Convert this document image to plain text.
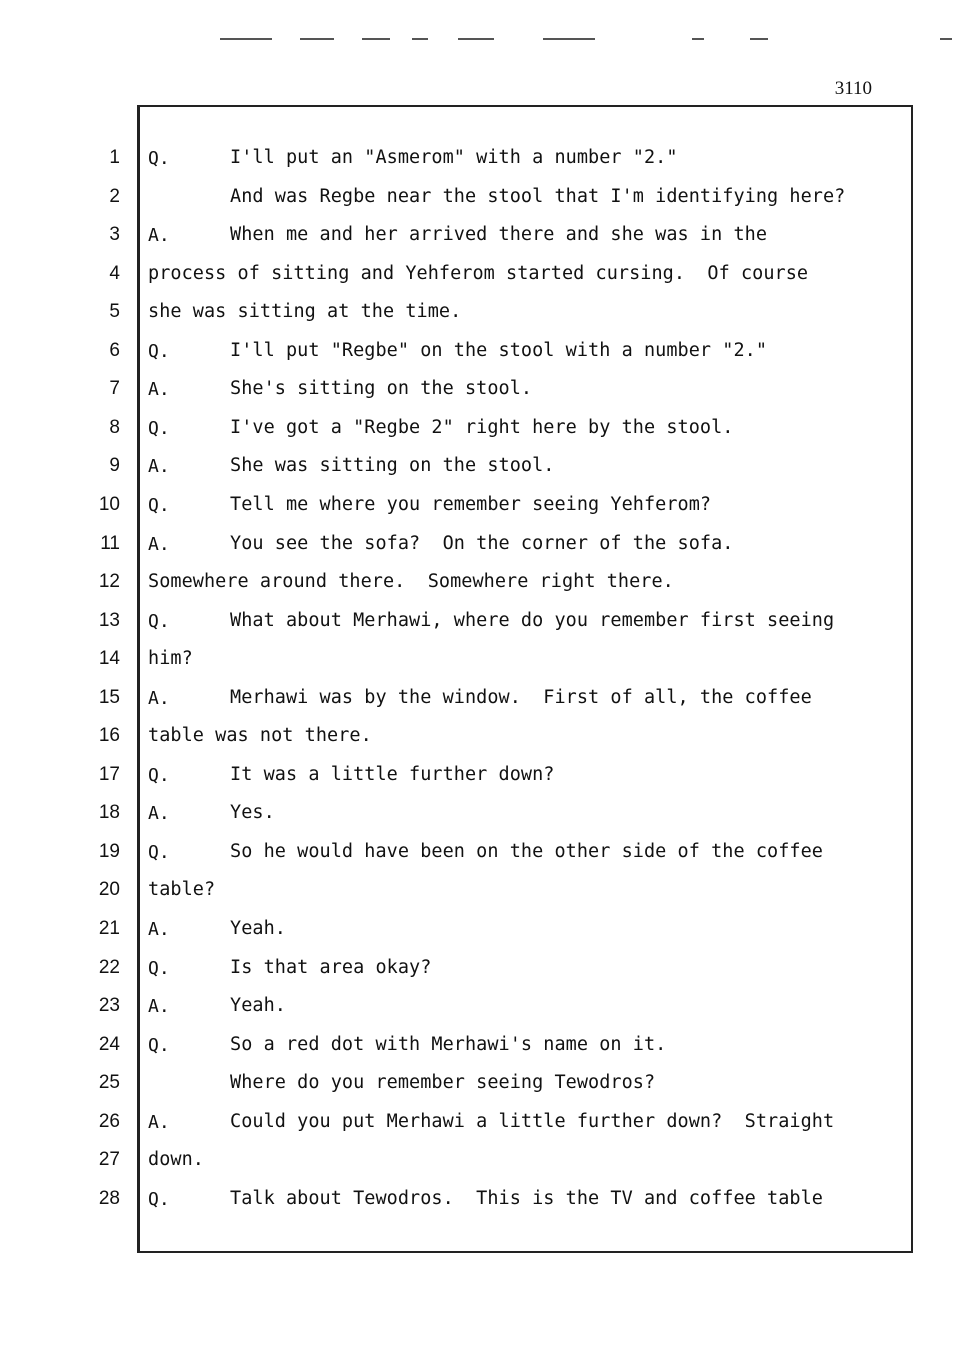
3110
1 Q.	I'll put an "Asmerom" with a number "2."
2	And was Regbe near the stool that I'm identifying here?
3 A.	When me and her arrived there and she was in the
4 process of sitting and Yehferom started cursing.  Of course
5 she was sitting at the time.
6 Q.	I'll put "Regbe" on the stool with a number "2."
7 A.	She's sitting on the stool.
8 Q.	I've got a "Regbe 2" right here by the stool.
9 A.	She was sitting on the stool.
10 Q.	Tell me where you remember seeing Yehferom?
11 A.	You see the sofa?  On the corner of the sofa.
12 Somewhere around there.  Somewhere right there.
13 Q.	What about Merhawi, where do you remember first seeing
14 him?
15 A.	Merhawi was by the window.  First of all, the coffee
16 table was not there.
17 Q.	It was a little further down?
18 A.	Yes.
19 Q.	So he would have been on the other side of the coffee
20 table?
21 A.	Yeah.
22 Q.	Is that area okay?
23 A.	Yeah.
24 Q.	So a red dot with Merhawi's name on it.
25	Where do you remember seeing Tewodros?
26 A.	Could you put Merhawi a little further down?  Straight
27 down.
28 Q.	Talk about Tewodros.  This is the TV and coffee table
